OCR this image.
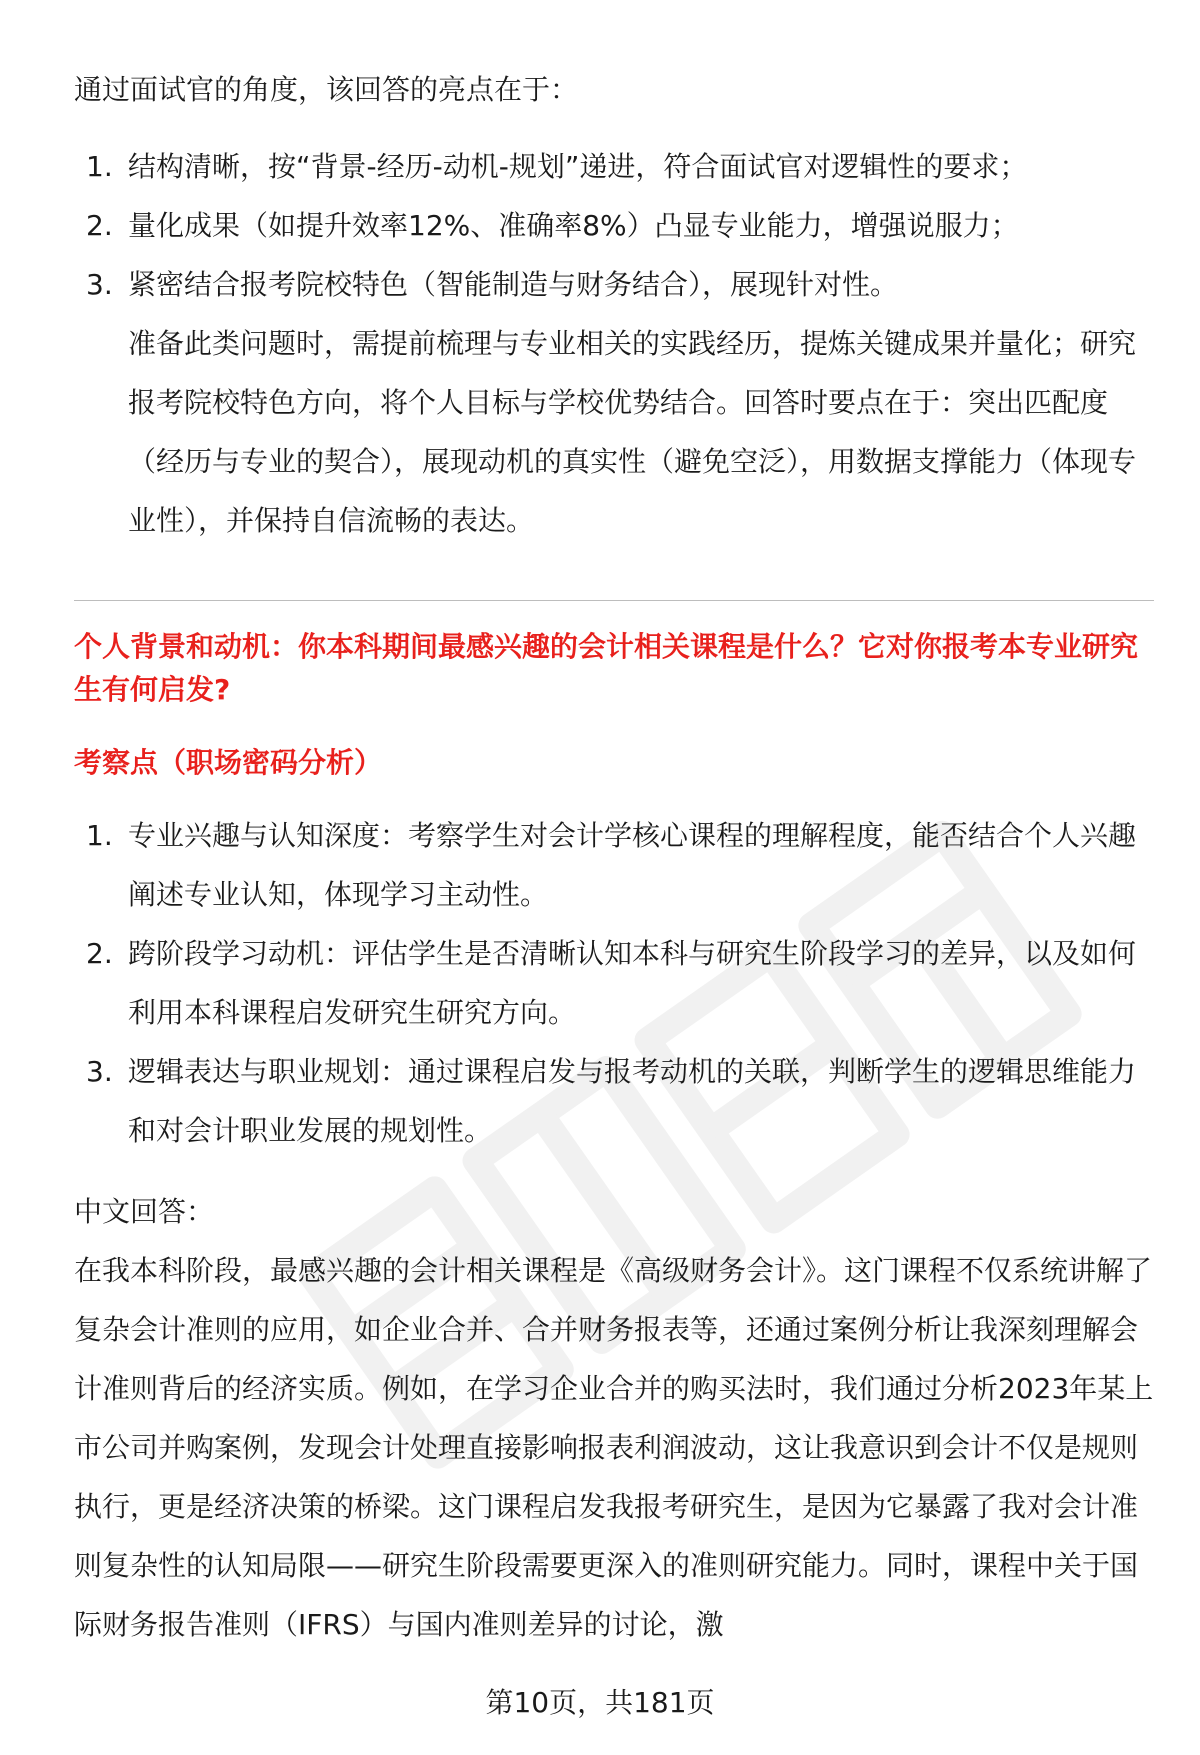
通过面试官的角度，该回答的亮点在于：

1. 结构清晰，按“背景-经历-动机-规划”递进，符合面试官对逻辑性的要求；
2. 量化成果（如提升效率12%、准确率8%）凸显专业能力，增强说服力；
3. 紧密结合报考院校特色（智能制造与财务结合），展现针对性。

准备此类问题时，需提前梳理与专业相关的实践经历，提炼关键成果并量化；研究报考院校特色方向，将个人目标与学校优势结合。回答时要点在于：突出匹配度（经历与专业的契合），展现动机的真实性（避免空泛），用数据支撑能力（体现专业性），并保持自信流畅的表达。

个人背景和动机：你本科期间最感兴趣的会计相关课程是什么？它对你报考本专业研究生有何启发?

考察点（职场密码分析）

1. 专业兴趣与认知深度：考察学生对会计学核心课程的理解程度，能否结合个人兴趣阐述专业认知，体现学习主动性。
2. 跨阶段学习动机：评估学生是否清晰认知本科与研究生阶段学习的差异，以及如何利用本科课程启发研究生研究方向。
3. 逻辑表达与职业规划：通过课程启发与报考动机的关联，判断学生的逻辑思维能力和对会计职业发展的规划性。

中文回答：

在我本科阶段，最感兴趣的会计相关课程是《高级财务会计》。这门课程不仅系统讲解了复杂会计准则的应用，如企业合并、合并财务报表等，还通过案例分析让我深刻理解会计准则背后的经济实质。例如，在学习企业合并的购买法时，我们通过分析2023年某上市公司并购案例，发现会计处理直接影响报表利润波动，这让我意识到会计不仅是规则执行，更是经济决策的桥梁。这门课程启发我报考研究生，是因为它暴露了我对会计准则复杂性的认知局限——研究生阶段需要更深入的准则研究能力。同时，课程中关于国际财务报告准则（IFRS）与国内准则差异的讨论，激

第10页，共181页
